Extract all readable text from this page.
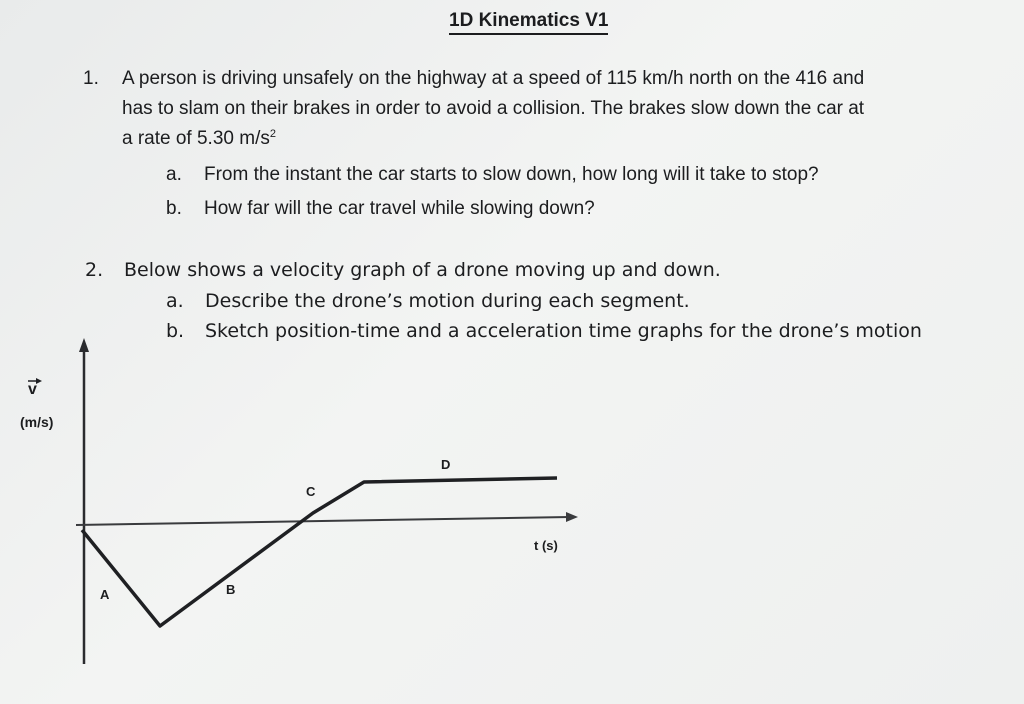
1D Kinematics V1
1. A person is driving unsafely on the highway at a speed of 115 km/h north on the 416 and
has to slam on their brakes in order to avoid a collision. The brakes slow down the car at
a rate of 5.30 $m/s^2$
a. From the instant the car starts to slow down, how long will it take to stop?
b. How far will the car travel while slowing down?
2. Below shows a velocity graph of a drone moving up and down.
a. Describe the drone’s motion during each segment.
b. Sketch position-time and a acceleration time graphs for the drone’s motion
v
(m/s)
t (s)
A	B
C
D
